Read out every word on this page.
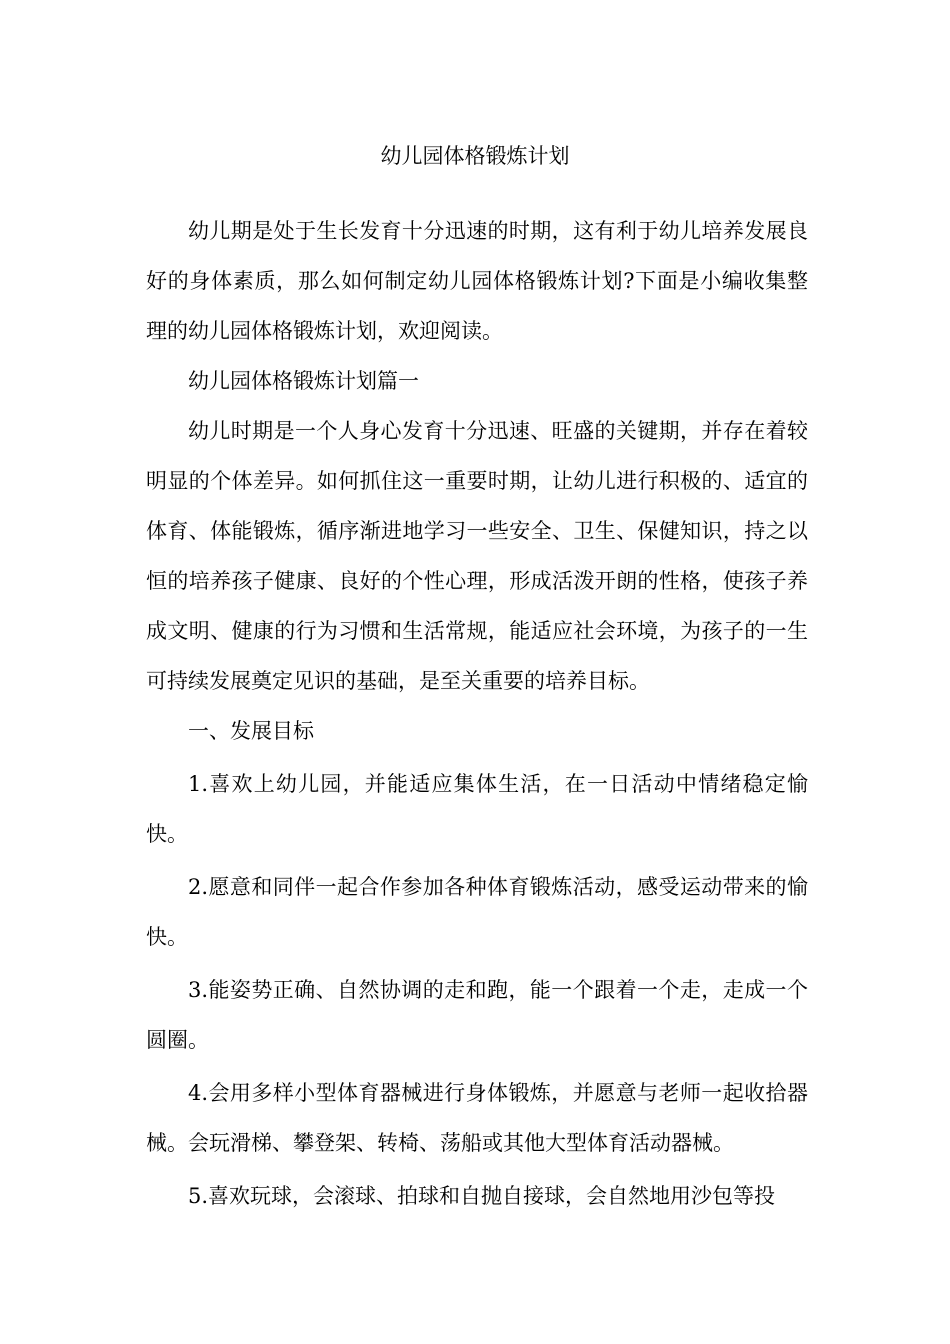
幼儿园体格锻炼计划

幼儿期是处于生长发育十分迅速的时期，这有利于幼儿培养发展良好的身体素质，那么如何制定幼儿园体格锻炼计划?下面是小编收集整理的幼儿园体格锻炼计划，欢迎阅读。

幼儿园体格锻炼计划篇一

幼儿时期是一个人身心发育十分迅速、旺盛的关键期，并存在着较明显的个体差异。如何抓住这一重要时期，让幼儿进行积极的、适宜的体育、体能锻炼，循序渐进地学习一些安全、卫生、保健知识，持之以恒的培养孩子健康、良好的个性心理，形成活泼开朗的性格，使孩子养成文明、健康的行为习惯和生活常规，能适应社会环境，为孩子的一生可持续发展奠定见识的基础，是至关重要的培养目标。

一、发展目标

1.喜欢上幼儿园，并能适应集体生活，在一日活动中情绪稳定愉快。

2.愿意和同伴一起合作参加各种体育锻炼活动，感受运动带来的愉快。

3.能姿势正确、自然协调的走和跑，能一个跟着一个走，走成一个圆圈。

4.会用多样小型体育器械进行身体锻炼，并愿意与老师一起收拾器械。会玩滑梯、攀登架、转椅、荡船或其他大型体育活动器械。

5.喜欢玩球，会滚球、拍球和自抛自接球，会自然地用沙包等投
